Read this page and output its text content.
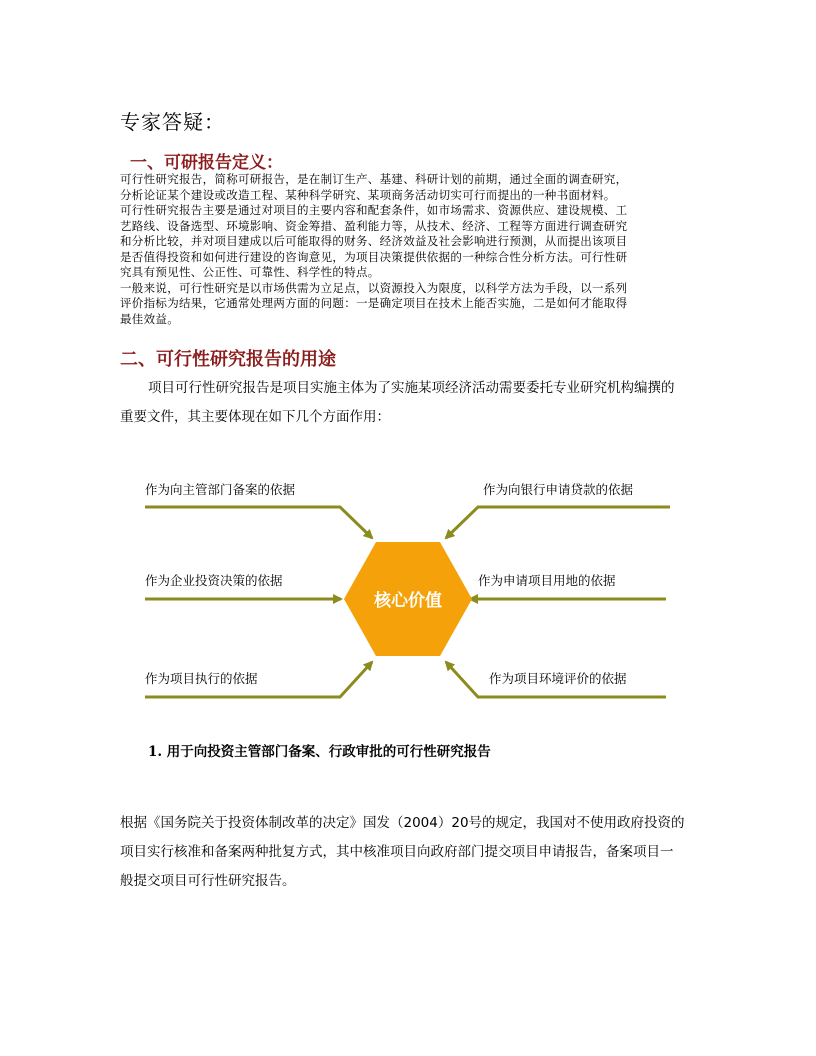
专家答疑：
一、可研报告定义：
可行性研究报告，简称可研报告，是在制订生产、基建、科研计划的前期，通过全面的调查研究，
分析论证某个建设或改造工程、某种科学研究、某项商务活动切实可行而提出的一种书面材料。
可行性研究报告主要是通过对项目的主要内容和配套条件，如市场需求、资源供应、建设规模、工
艺路线、设备选型、环境影响、资金筹措、盈利能力等，从技术、经济、工程等方面进行调查研究
和分析比较，并对项目建成以后可能取得的财务、经济效益及社会影响进行预测，从而提出该项目
是否值得投资和如何进行建设的咨询意见，为项目决策提供依据的一种综合性分析方法。可行性研
究具有预见性、公正性、可靠性、科学性的特点。
一般来说，可行性研究是以市场供需为立足点，以资源投入为限度，以科学方法为手段，以一系列
评价指标为结果，它通常处理两方面的问题：一是确定项目在技术上能否实施，二是如何才能取得
最佳效益。
二、可行性研究报告的用途
项目可行性研究报告是项目实施主体为了实施某项经济活动需要委托专业研究机构编撰的
重要文件，其主要体现在如下几个方面作用：
核心价值
作为向主管部门备案的依据
作为企业投资决策的依据
作为项目执行的依据
作为向银行申请贷款的依据
作为申请项目用地的依据
作为项目环境评价的依据
1. 用于向投资主管部门备案、行政审批的可行性研究报告
根据《国务院关于投资体制改革的决定》国发（2004）20号的规定，我国对不使用政府投资的
项目实行核准和备案两种批复方式，其中核准项目向政府部门提交项目申请报告，备案项目一
般提交项目可行性研究报告。
